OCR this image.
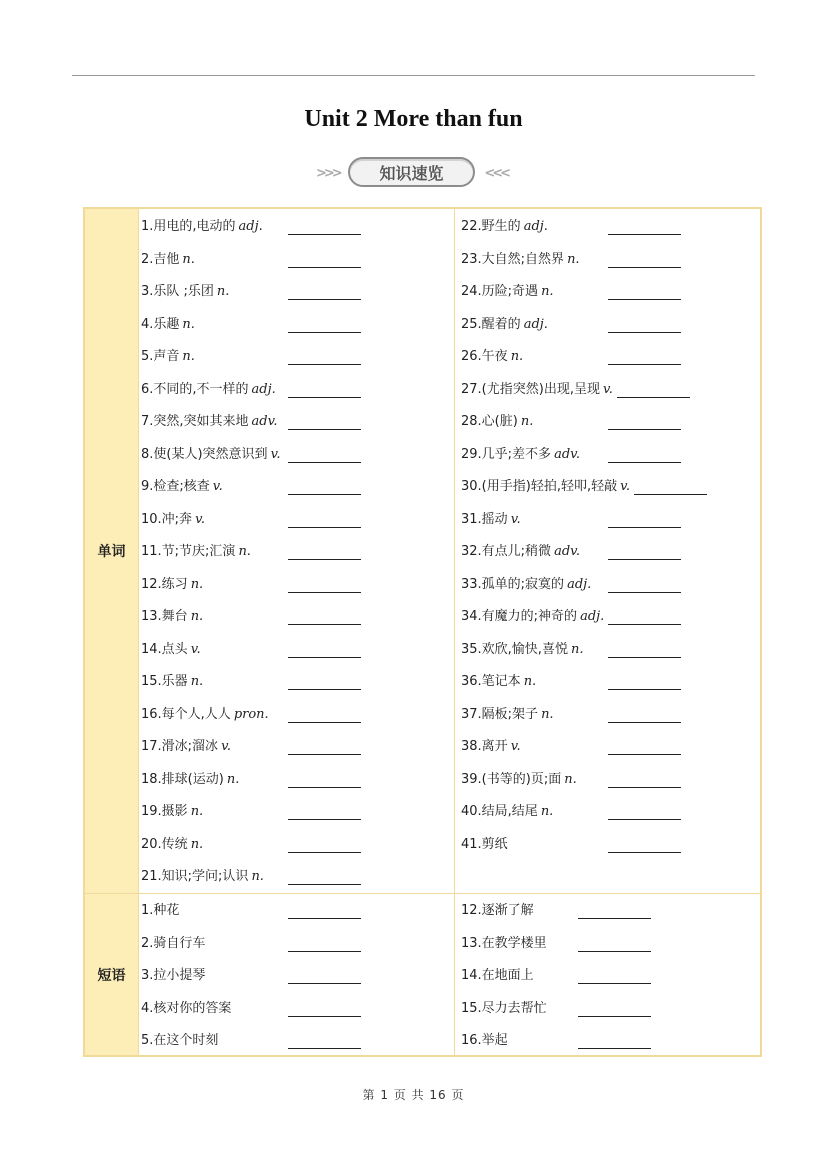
Unit 2 More than fun
>>>	知识速览	<<<
单词
短语
1.用电的,电动的 adj.
2.吉他 n.
3.乐队 ;乐团 n.
4.乐趣 n.
5.声音 n.
6.不同的,不一样的 adj.
7.突然,突如其来地 adv.
8.使(某人)突然意识到 v.
9.检查;核查 v.
10.冲;奔 v.
11.节;节庆;汇演 n.
12.练习 n.
13.舞台 n.
14.点头 v.
15.乐器 n.
16.每个人,人人 pron.
17.滑冰;溜冰 v.
18.排球(运动) n.
19.摄影 n.
20.传统 n.
21.知识;学问;认识 n.
22.野生的 adj.
23.大自然;自然界 n.
24.历险;奇遇 n.
25.醒着的 adj.
26.午夜 n.
27.(尤指突然)出现,呈现 v.
28.心(脏) n.
29.几乎;差不多 adv.
30.(用手指)轻拍,轻叩,轻敲 v.
31.摇动 v.
32.有点儿;稍微 adv.
33.孤单的;寂寞的 adj.
34.有魔力的;神奇的 adj.
35.欢欣,愉快,喜悦 n.
36.笔记本 n.
37.隔板;架子 n.
38.离开 v.
39.(书等的)页;面 n.
40.结局,结尾 n.
41.剪纸
1.种花
2.骑自行车
3.拉小提琴
4.核对你的答案
5.在这个时刻
12.逐渐了解
13.在教学楼里
14.在地面上
15.尽力去帮忙
16.举起
第 1 页 共 16 页
